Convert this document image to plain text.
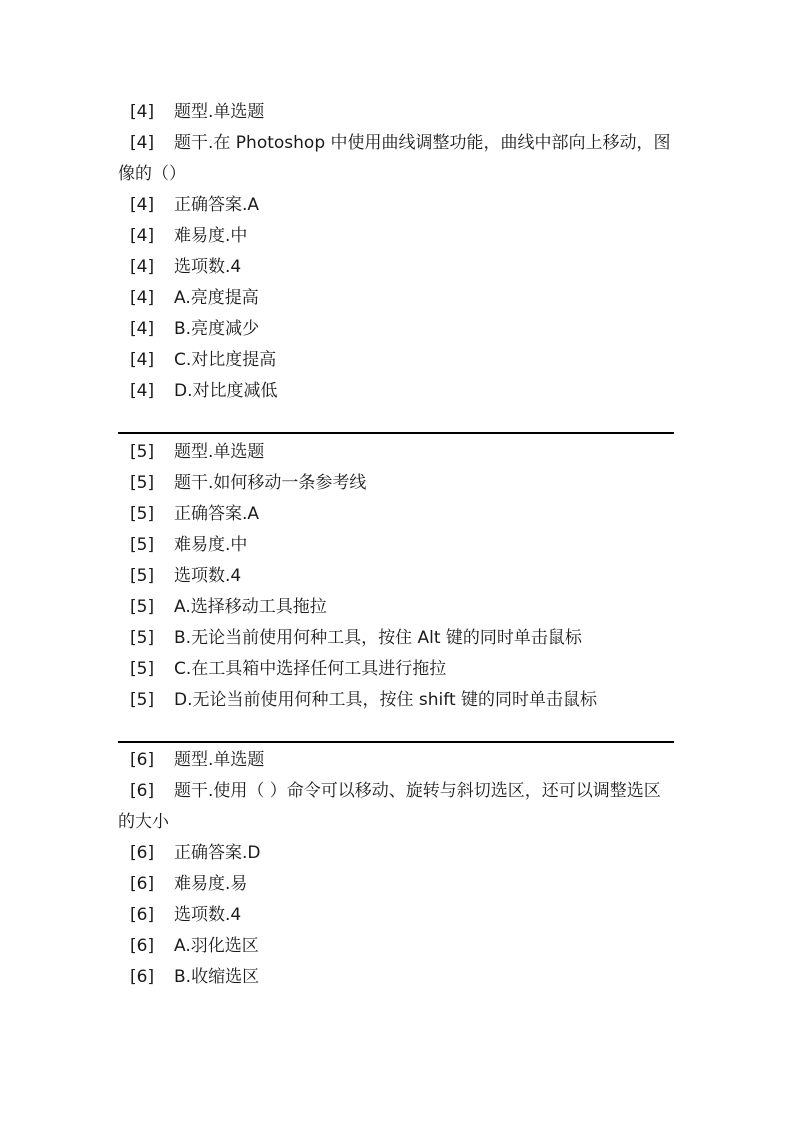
[4]	题型.单选题
[4] 题干.在 Photoshop 中使用曲线调整功能，曲线中部向上移动，图像的（）
[4]	正确答案.A
[4]	难易度.中
[4]	选项数.4
[4]	A.亮度提高
[4]	B.亮度减少
[4]	C.对比度提高
[4]	D.对比度减低
[5]	题型.单选题
[5]	题干.如何移动一条参考线
[5]	正确答案.A
[5]	难易度.中
[5]	选项数.4
[5]	A.选择移动工具拖拉
[5]	B.无论当前使用何种工具，按住 Alt 键的同时单击鼠标
[5]	C.在工具箱中选择任何工具进行拖拉
[5]	D.无论当前使用何种工具，按住 shift 键的同时单击鼠标
[6]	题型.单选题
[6] 题干.使用（ ）命令可以移动、旋转与斜切选区，还可以调整选区的大小
[6]	正确答案.D
[6]	难易度.易
[6]	选项数.4
[6]	A.羽化选区
[6]	B.收缩选区
